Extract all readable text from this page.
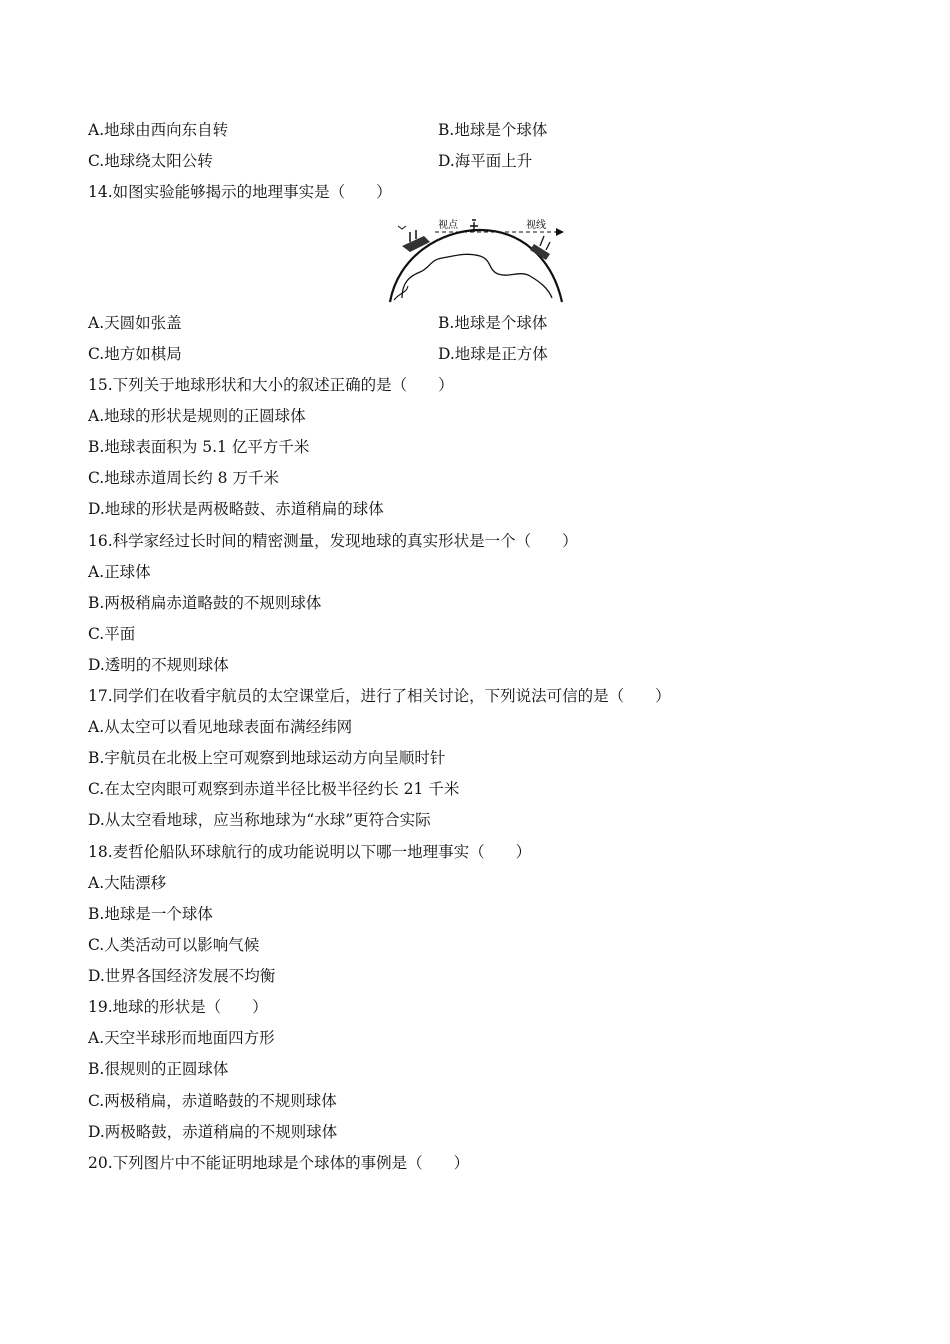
A.地球由西向东自转	B.地球是个球体
C.地球绕太阳公转	D.海平面上升
14.如图实验能够揭示的地理事实是（　　）
视点	视线
A.天圆如张盖	B.地球是个球体
C.地方如棋局	D.地球是正方体
15.下列关于地球形状和大小的叙述正确的是（　　）
A.地球的形状是规则的正圆球体
B.地球表面积为 5.1 亿平方千米
C.地球赤道周长约 8 万千米
D.地球的形状是两极略鼓、赤道稍扁的球体
16.科学家经过长时间的精密测量，发现地球的真实形状是一个（　　）
A.正球体
B.两极稍扁赤道略鼓的不规则球体
C.平面
D.透明的不规则球体
17.同学们在收看宇航员的太空课堂后，进行了相关讨论，下列说法可信的是（　　）
A.从太空可以看见地球表面布满经纬网
B.宇航员在北极上空可观察到地球运动方向呈顺时针
C.在太空肉眼可观察到赤道半径比极半径约长 21 千米
D.从太空看地球，应当称地球为“水球”更符合实际
18.麦哲伦船队环球航行的成功能说明以下哪一地理事实（　　）
A.大陆漂移
B.地球是一个球体
C.人类活动可以影响气候
D.世界各国经济发展不均衡
19.地球的形状是（　　）
A.天空半球形而地面四方形
B.很规则的正圆球体
C.两极稍扁，赤道略鼓的不规则球体
D.两极略鼓，赤道稍扁的不规则球体
20.下列图片中不能证明地球是个球体的事例是（　　）
